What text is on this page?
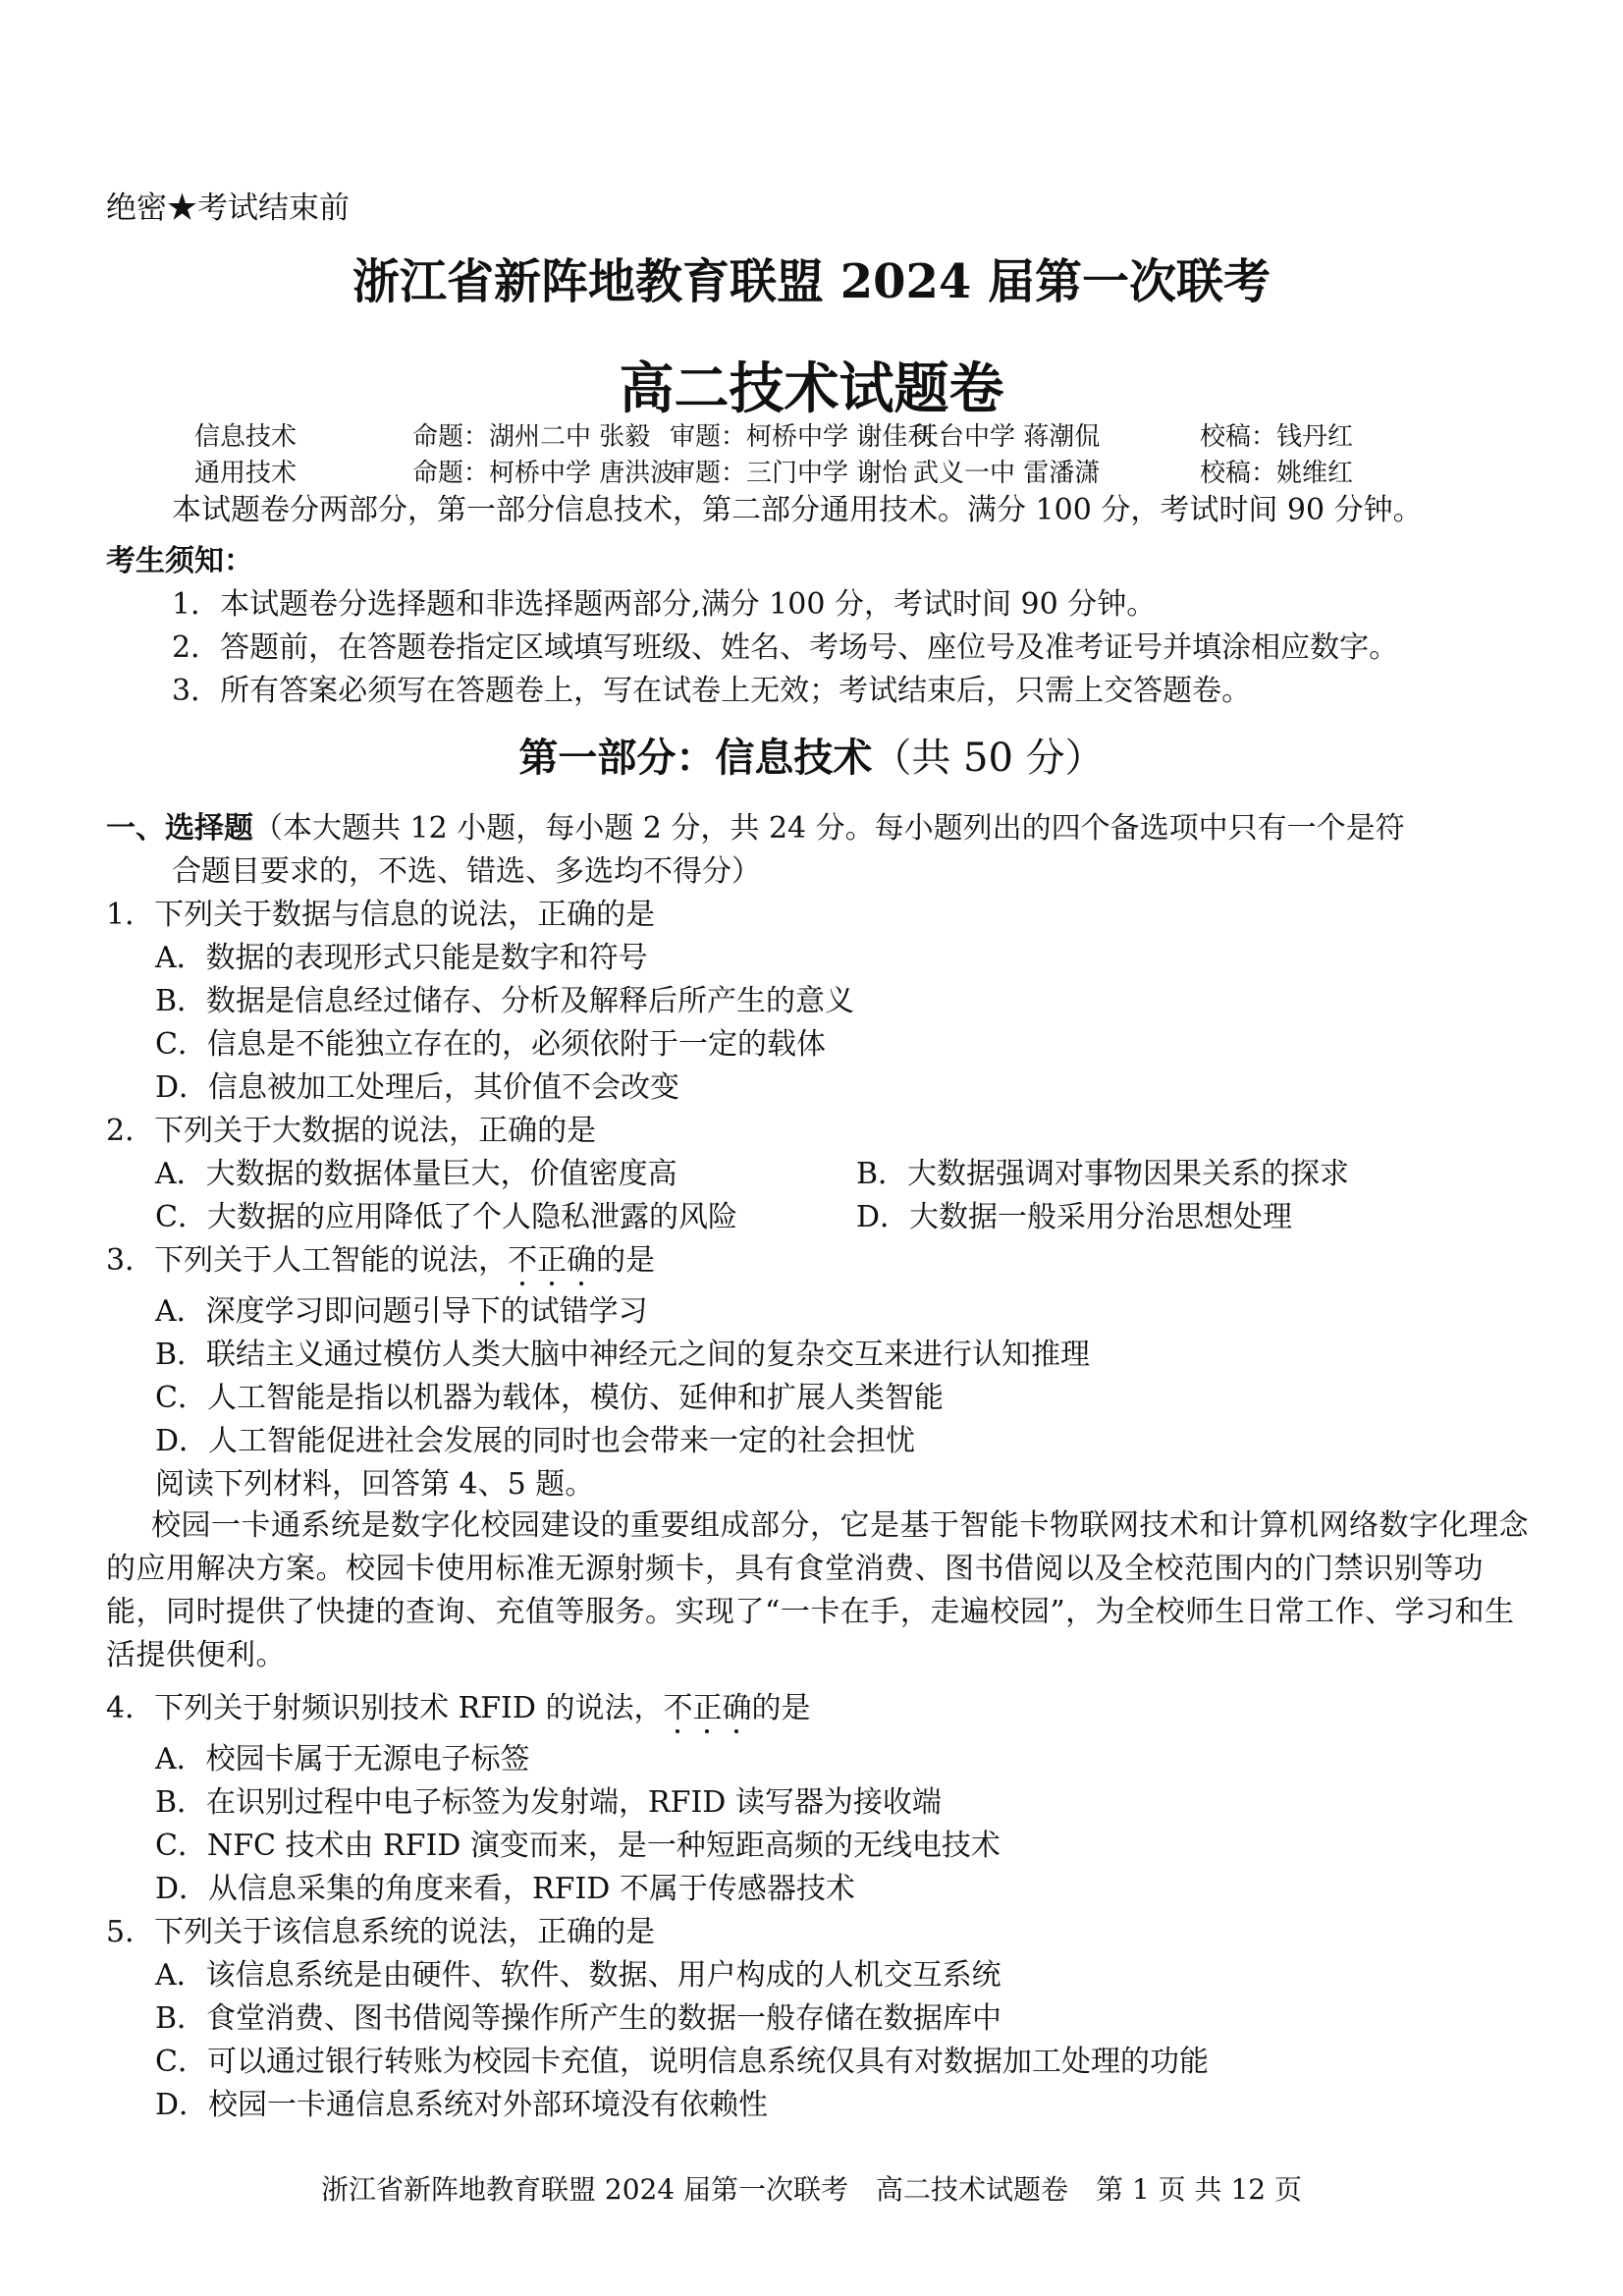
绝密★考试结束前
浙江省新阵地教育联盟 2024 届第一次联考
高二技术试题卷
信息技术	命题：湖州二中 张毅 审题：柯桥中学 谢佳利天台中学 蒋潮侃	校稿：钱丹红
通用技术	命题：柯桥中学 唐洪波审题：三门中学 谢怡 武义一中 雷潘潇	校稿：姚维红
本试题卷分两部分，第一部分信息技术，第二部分通用技术。满分 100 分，考试时间 90 分钟。
考生须知：
1．本试题卷分选择题和非选择题两部分,满分 100 分，考试时间 90 分钟。
2．答题前，在答题卷指定区域填写班级、姓名、考场号、座位号及准考证号并填涂相应数字。
3．所有答案必须写在答题卷上，写在试卷上无效；考试结束后，只需上交答题卷。
第一部分：信息技术（共 50 分）
一、选择题（本大题共 12 小题，每小题 2 分，共 24 分。每小题列出的四个备选项中只有一个是符
合题目要求的，不选、错选、多选均不得分）
1．下列关于数据与信息的说法，正确的是
A．数据的表现形式只能是数字和符号
B．数据是信息经过储存、分析及解释后所产生的意义
C．信息是不能独立存在的，必须依附于一定的载体
D．信息被加工处理后，其价值不会改变
2．下列关于大数据的说法，正确的是
A．大数据的数据体量巨大，价值密度高	B．大数据强调对事物因果关系的探求
C．大数据的应用降低了个人隐私泄露的风险	D．大数据一般采用分治思想处理
3．下列关于人工智能的说法，不正确的是
A．深度学习即问题引导下的试错学习
B．联结主义通过模仿人类大脑中神经元之间的复杂交互来进行认知推理
C．人工智能是指以机器为载体，模仿、延伸和扩展人类智能
D．人工智能促进社会发展的同时也会带来一定的社会担忧
阅读下列材料，回答第 4、5 题。
校园一卡通系统是数字化校园建设的重要组成部分，它是基于智能卡物联网技术和计算机网络数字化理念的应用解决方案。校园卡使用标准无源射频卡，具有食堂消费、图书借阅以及全校范围内的门禁识别等功能，同时提供了快捷的查询、充值等服务。实现了“一卡在手，走遍校园”，为全校师生日常工作、学习和生活提供便利。
4．下列关于射频识别技术 RFID 的说法，不正确的是
A．校园卡属于无源电子标签
B．在识别过程中电子标签为发射端，RFID 读写器为接收端
C．NFC 技术由 RFID 演变而来，是一种短距高频的无线电技术
D．从信息采集的角度来看，RFID 不属于传感器技术
5．下列关于该信息系统的说法，正确的是
A．该信息系统是由硬件、软件、数据、用户构成的人机交互系统
B．食堂消费、图书借阅等操作所产生的数据一般存储在数据库中
C．可以通过银行转账为校园卡充值，说明信息系统仅具有对数据加工处理的功能
D．校园一卡通信息系统对外部环境没有依赖性
浙江省新阵地教育联盟 2024 届第一次联考　高二技术试题卷　第 1 页 共 12 页
